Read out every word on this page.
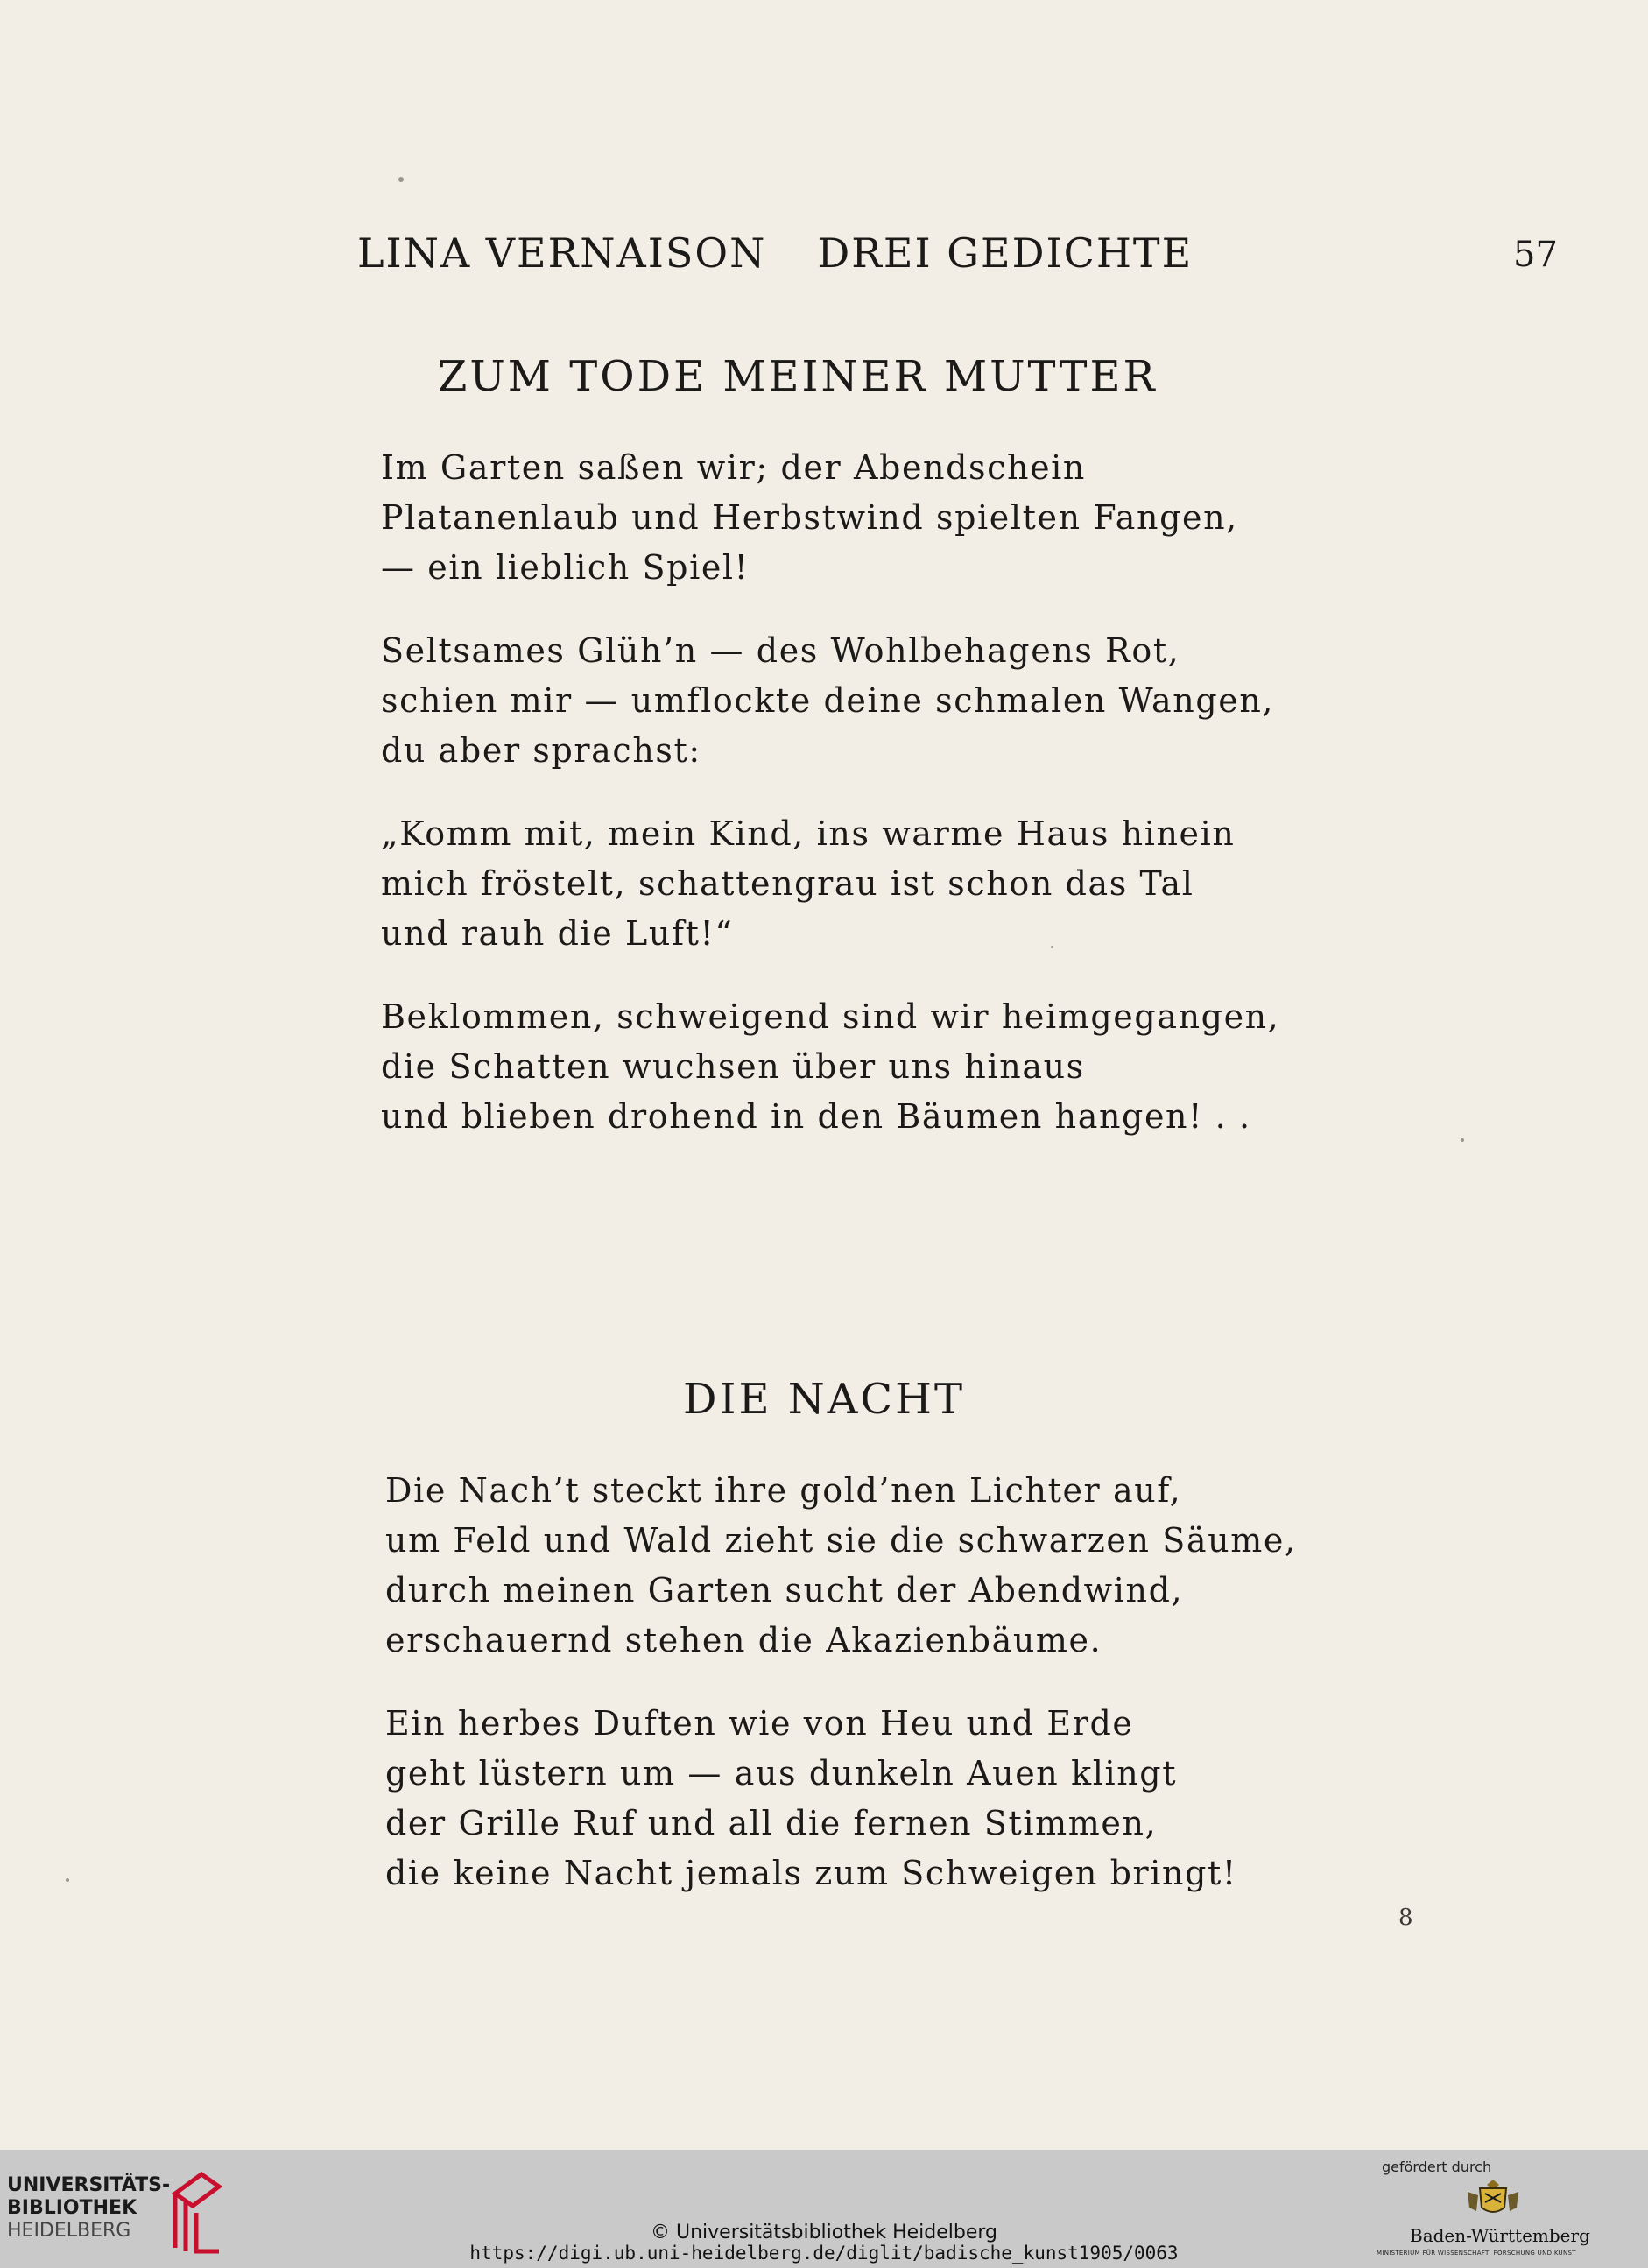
LINA VERNAISON DREI GEDICHTE	57
ZUM TODE MEINER MUTTER
Im Garten saßen wir; der Abendschein
Platanenlaub und Herbstwind spielten Fangen,
— ein lieblich Spiel!
Seltsames Glüh’n — des Wohlbehagens Rot,
schien mir — umflockte deine schmalen Wangen,
du aber sprachst:
„Komm mit, mein Kind, ins warme Haus hinein
mich fröstelt, schattengrau ist schon das Tal
und rauh die Luft!“
Beklommen, schweigend sind wir heimgegangen,
die Schatten wuchsen über uns hinaus
und blieben drohend in den Bäumen hangen! . .
DIE NACHT
Die Nach’t steckt ihre gold’nen Lichter auf,
um Feld und Wald zieht sie die schwarzen Säume,
durch meinen Garten sucht der Abendwind,
erschauernd stehen die Akazienbäume.
Ein herbes Duften wie von Heu und Erde
geht lüstern um — aus dunkeln Auen klingt
der Grille Ruf und all die fernen Stimmen,
die keine Nacht jemals zum Schweigen bringt!
8
UNIVERSITÄTS-
BIBLIOTHEK
HEIDELBERG	© Universitätsbibliothek Heidelberg
https://digi.ub.uni-heidelberg.de/diglit/badische_kunst1905/0063
gefördert durch
Baden-Württemberg
MINISTERIUM FÜR WISSENSCHAFT, FORSCHUNG UND KUNST
